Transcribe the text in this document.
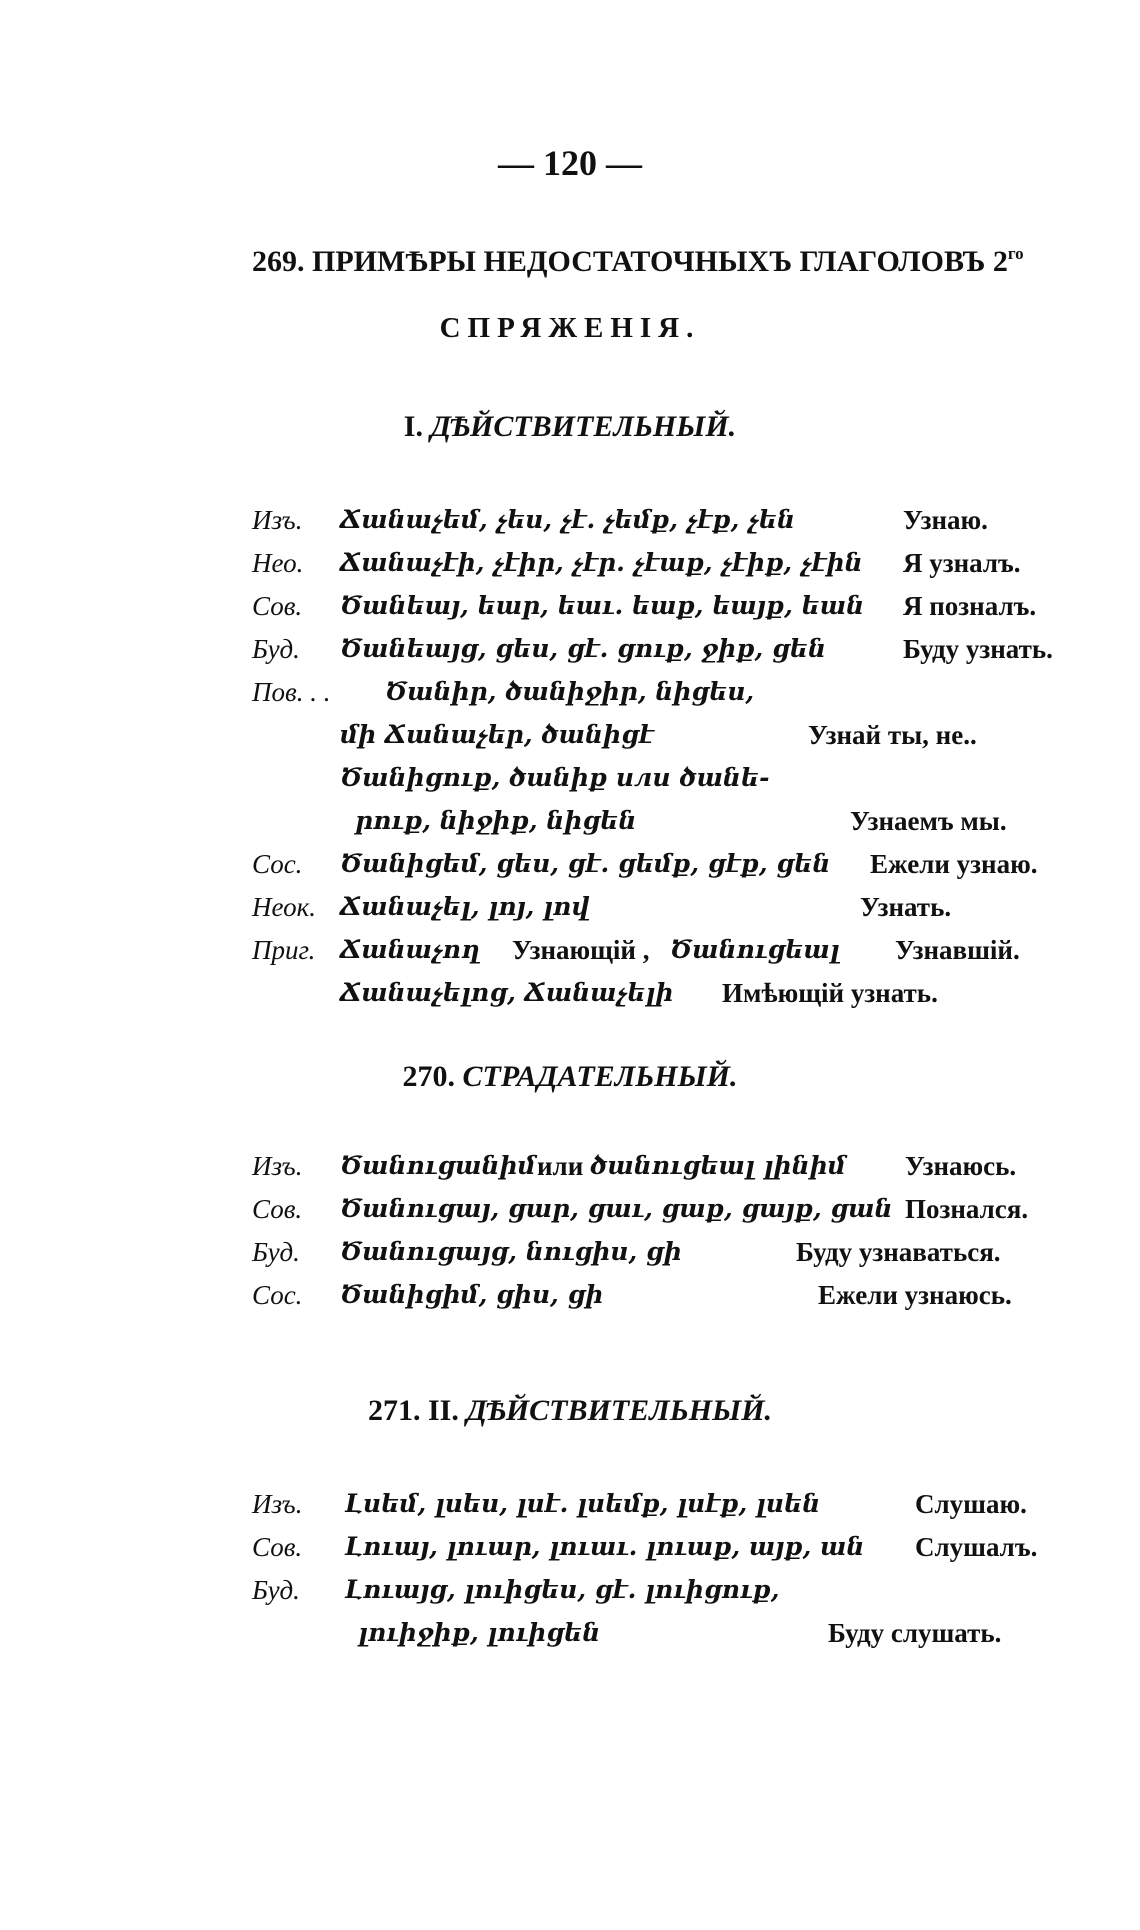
— 120 —
269. ПРИМѢРЫ НЕДОСТАТОЧНЫХЪ ГЛАГОЛОВЪ $2^{го}$
СПРЯЖЕНІЯ.
I. ДѢЙСТВИТЕЛЬНЫЙ.
Изъ. Ճանաչեմ, չես, չէ. չեմք, չէք, չեն	Узнаю.
Нео. Ճանաչէի, չէիր, չէր. չէաք, չէիք, չէին Я узналъ.
Сов. Ծանեայ, եար, եաւ. եաք, եայք, եան Я позналъ.
Буд. Ծանեայց, ցես, ցէ. ցուք, ջիք, ցեն	Буду узнать.
Пов. . . Ծանիր, ծանիջիր, նիցես,
մի Ճանաչեր, ծանիցէ	Узнай ты, не..
Ծանիցուք, ծանիք или ծանե-
րուք, նիջիք, նիցեն	Узнаемъ мы.
Сос. Ծանիցեմ, ցես, ցէ. ցեմք, ցէք, ցեն Ежели узнаю.
Неок. Ճանաչել, լոյ, լով	Узнать.
Приг. Ճանաչող Узнающій , Ծանուցեալ Узнавшій.
Ճանաչելոց, Ճանաչելի Имѣющій узнать.
270. СТРАДАТЕЛЬНЫЙ.
Изъ. Ծանուցանիմ или ծանուցեալ լինիմ Узнаюсь.
Сов. Ծանուցայ, ցար, ցաւ, ցաք, ցայք, ցան Познался.
Буд. Ծանուցայց, նուցիս, ցի	Буду узнаваться.
Сос. Ծանիցիմ, ցիս, ցի	Ежели узнаюсь.
271. II. ДѢЙСТВИТЕЛЬНЫЙ.
Изъ. Լսեմ, լսես, լսէ. լսեմք, լսէք, լսեն	Слушаю.
Сов. Լուայ, լուար, լուաւ. լուաք, այք, ան Слушалъ.
Буд. Լուայց, լուիցես, ցէ. լուիցուք,
լուիջիք, լուիցեն	Буду слушать.
